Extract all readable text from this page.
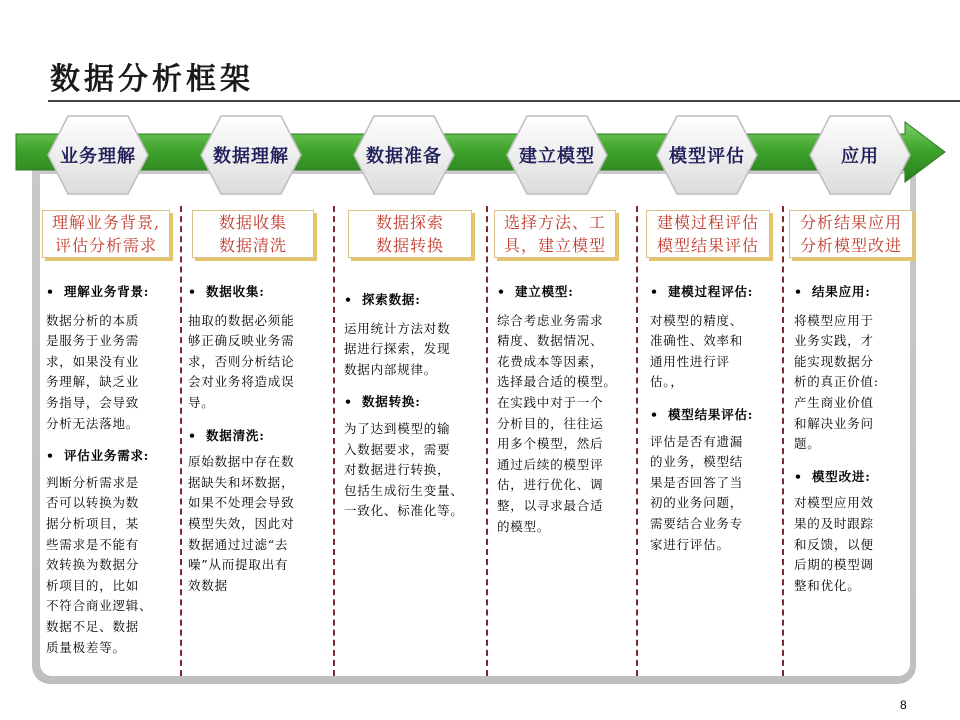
数据分析框架
业务理解	数据理解	数据准备	建立模型	模型评估	应用
理解业务背景,
评估分析需求
数据收集
数据清洗
数据探索
数据转换
选择方法、工
具，建立模型
建模过程评估
模型结果评估
分析结果应用
分析模型改进
• 理解业务背景:

数据分析的本质

是服务于业务需

求，如果没有业

务理解，缺乏业

务指导，会导致

分析无法落地。

• 评估业务需求:

判断分析需求是

否可以转换为数

据分析项目，某

些需求是不能有

效转换为数据分

析项目的，比如

不符合商业逻辑、

数据不足、数据

质量极差等。

• 数据收集:

抽取的数据必须能

够正确反映业务需

求，否则分析结论

会对业务将造成误

导。

• 数据清洗:

原始数据中存在数

据缺失和坏数据，

如果不处理会导致

模型失效，因此对

数据通过过滤“去

噪”从而提取出有

效数据

• 探索数据:

运用统计方法对数

据进行探索，发现

数据内部规律。

• 数据转换:

为了达到模型的输

入数据要求，需要

对数据进行转换，

包括生成衍生变量、

一致化、标准化等。

• 建立模型:

综合考虑业务需求

精度、数据情况、

花费成本等因素，

选择最合适的模型。

在实践中对于一个

分析目的，往往运

用多个模型，然后

通过后续的模型评

估，进行优化、调

整，以寻求最合适

的模型。

• 建模过程评估:

对模型的精度、

准确性、效率和

通用性进行评

估。，

• 模型结果评估:

评估是否有遗漏

的业务，模型结

果是否回答了当

初的业务问题，

需要结合业务专

家进行评估。

• 结果应用:

将模型应用于

业务实践，才

能实现数据分

析的真正价值:

产生商业价值

和解决业务问

题。

• 模型改进:

对模型应用效

果的及时跟踪

和反馈，以便

后期的模型调

整和优化。

8
